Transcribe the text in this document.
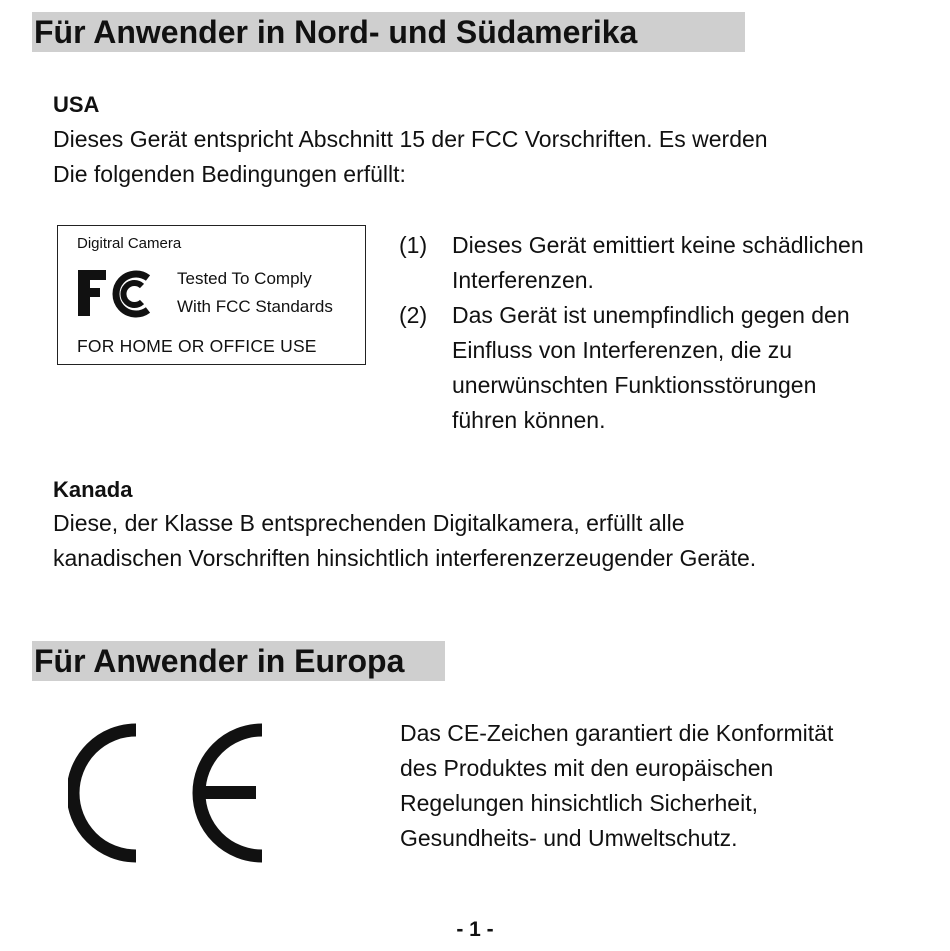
Für Anwender in Nord- und Südamerika
USA

Dieses Gerät entspricht Abschnitt 15 der FCC Vorschriften. Es werden

Die folgenden Bedingungen erfüllt:

Digitral Camera
Tested To Comply
With FCC Standards
FOR HOME OR OFFICE USE
(1) Dieses Gerät emittiert keine schädlichen
Interferenzen.
(2) Das Gerät ist unempfindlich gegen den
Einfluss von Interferenzen, die zu
unerwünschten Funktionsstörungen
führen können.
Kanada

Diese, der Klasse B entsprechenden Digitalkamera, erfüllt alle

kanadischen Vorschriften hinsichtlich interferenzerzeugender Geräte.

Für Anwender in Europa

Das CE-Zeichen garantiert die Konformität

des Produktes mit den europäischen

Regelungen hinsichtlich Sicherheit,

Gesundheits- und Umweltschutz.

- 1 -
